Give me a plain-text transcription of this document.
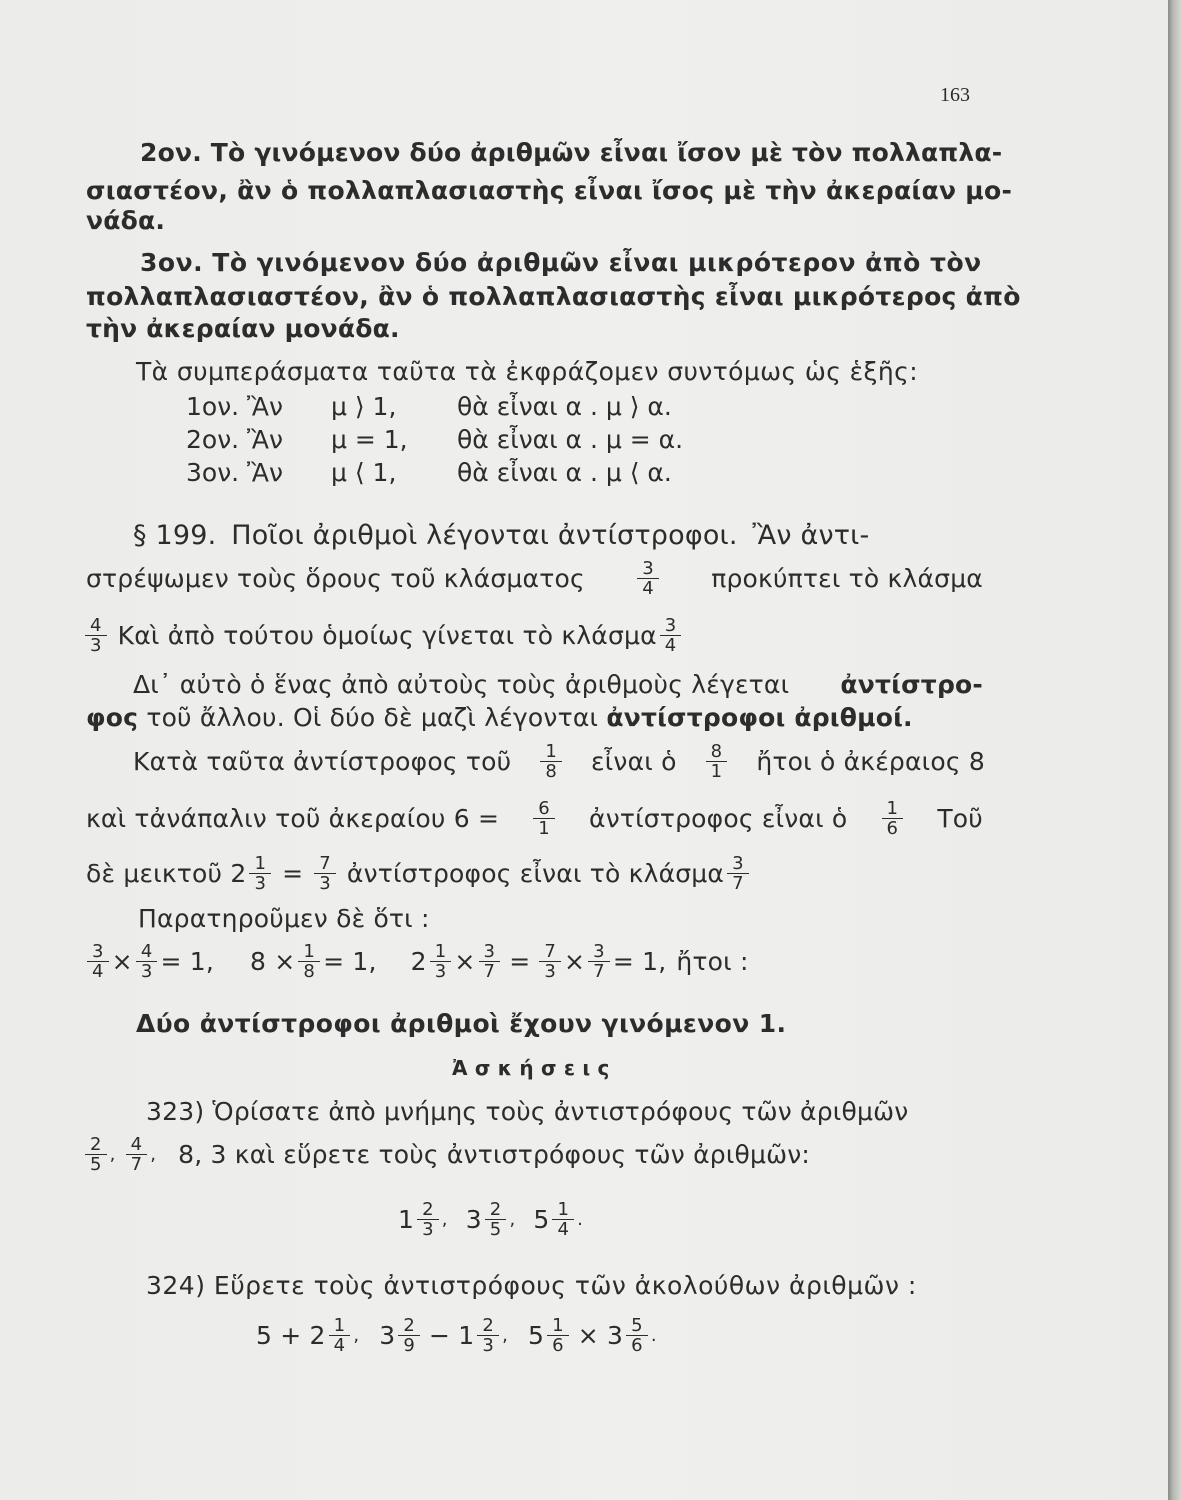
163
2ον. Τὸ γινόμενον δύο ἀριθμῶν εἶναι ἴσον μὲ τὸν πολλαπλα-
σιαστέον, ἂν ὁ πολλαπλασιαστὴς εἶναι ἴσος μὲ τὴν ἀκεραίαν μο-
νάδα.
3ον. Τὸ γινόμενον δύο ἀριθμῶν εἶναι μικρότερον ἀπὸ τὸν
πολλαπλασιαστέον, ἂν ὁ πολλαπλασιαστὴς εἶναι μικρότερος ἀπὸ
τὴν ἀκεραίαν μονάδα.
Τὰ συμπεράσματα ταῦτα τὰ ἐκφράζομεν συντόμως ὡς ἑξῆς:
1ον. Ἂν μ ⟩ 1, θὰ εἶναι α . μ ⟩ α.
2ον. Ἂν μ = 1, θὰ εἶναι α . μ = α.
3ον. Ἂν μ ⟨ 1, θὰ εἶναι α . μ ⟨ α.
§ 199. Ποῖοι ἀριθμοὶ λέγονται ἀντίστροφοι. Ἂν ἀντι-
στρέψωμεν τοὺς ὅρους τοῦ κλάσματος	$\frac{3}{4}$ προκύπτει τὸ κλάσμα
$\frac{4}{3}$ Καὶ ἀπὸ τούτου ὁμοίως γίνεται τὸ κλάσμα $\frac{3}{4}$
Δι᾽ αὐτὸ ὁ ἕνας ἀπὸ αὐτοὺς τοὺς ἀριθμοὺς λέγεται ἀντίστρο-
φος τοῦ ἄλλου. Οἱ δύο δὲ μαζὶ λέγονται ἀντίστροφοι ἀριθμοί.
Κατὰ ταῦτα ἀντίστροφος τοῦ $\frac{1}{8}$ εἶναι ὁ $\frac{8}{1}$ ἤτοι ὁ ἀκέραιος 8
καὶ τἀνάπαλιν τοῦ ἀκεραίου $6 = \frac{6}{1}$ ἀντίστροφος εἶναι ὁ $\frac{1}{6}$ Τοῦ
δὲ μεικτοῦ $2 \frac{1}{3} = \frac{7}{3}$ ἀντίστροφος εἶναι τὸ κλάσμα $\frac{3}{7}$
Παρατηροῦμεν δὲ ὅτι :
$\frac{3}{4} \times \frac{4}{3} = 1$, $8 \times \frac{1}{8} = 1$, $2 \frac{1}{3} \times \frac{3}{7} = \frac{7}{3} \times \frac{3}{7} = 1$, ἤτοι :
Δύο ἀντίστροφοι ἀριθμοὶ ἔχουν γινόμενον 1.
Ἀ σ κ ή σ ε ι ς
323) Ὁρίσατε ἀπὸ μνήμης τοὺς ἀντιστρόφους τῶν ἀριθμῶν
$\frac{2}{5}$ , $\frac{4}{7}$ , 8, 3 καὶ εὕρετε τοὺς ἀντιστρόφους τῶν ἀριθμῶν:
$1 \frac{2}{3}$ , $3 \frac{2}{5}$ , $5 \frac{1}{4}$ .
324) Εὕρετε τοὺς ἀντιστρόφους τῶν ἀκολούθων ἀριθμῶν :
$5 + 2 \frac{1}{4}$ , $3 \frac{2}{9} - 1 \frac{2}{3}$ , $5 \frac{1}{6} \times 3 \frac{5}{6}$ .
